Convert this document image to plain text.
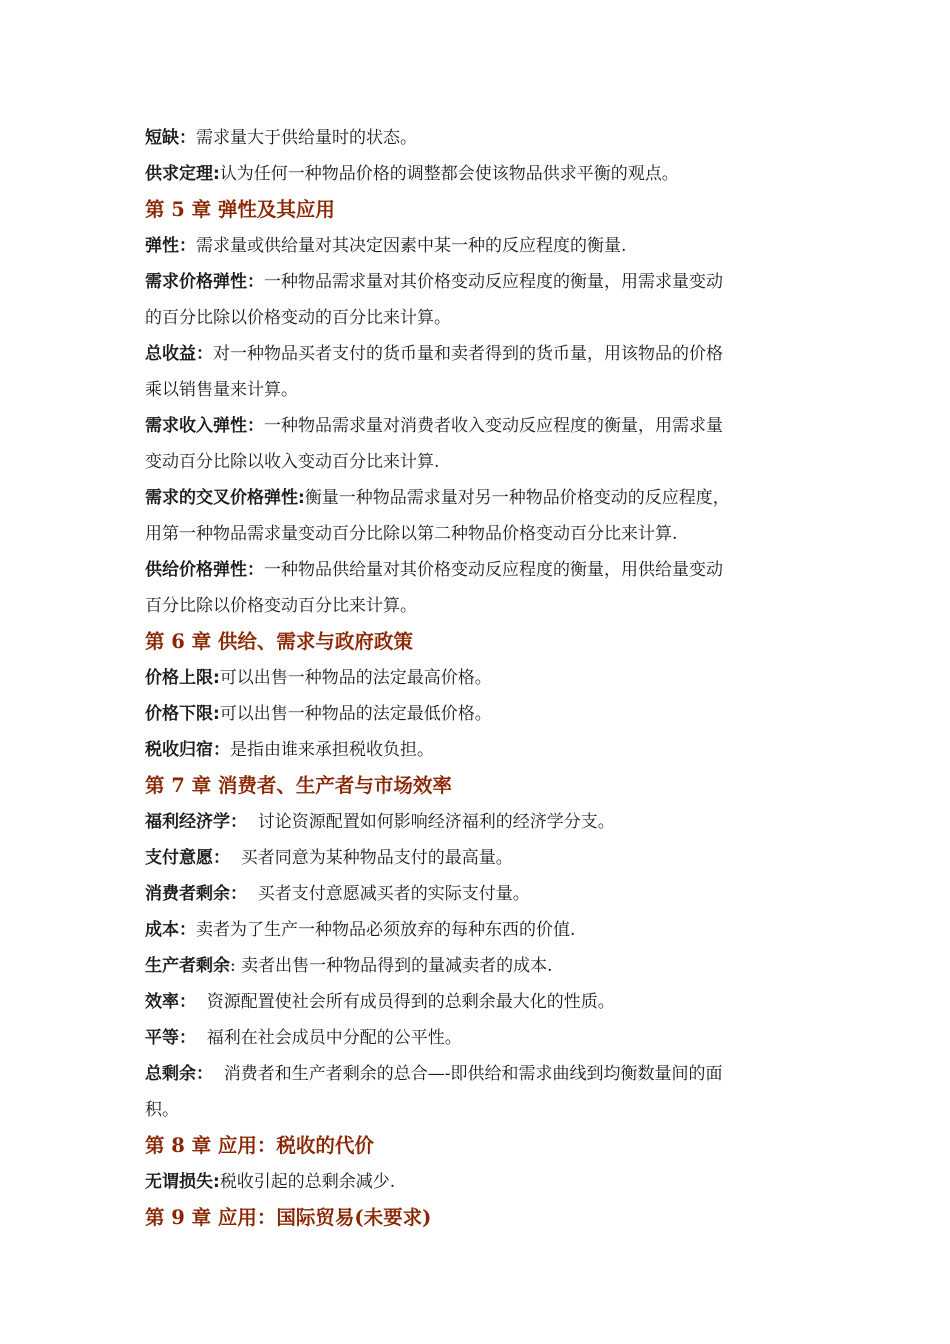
短缺：需求量大于供给量时的状态。
供求定理:认为任何一种物品价格的调整都会使该物品供求平衡的观点。
第 5 章 弹性及其应用
弹性：需求量或供给量对其决定因素中某一种的反应程度的衡量.
需求价格弹性：一种物品需求量对其价格变动反应程度的衡量，用需求量变动
的百分比除以价格变动的百分比来计算。
总收益：对一种物品买者支付的货币量和卖者得到的货币量，用该物品的价格
乘以销售量来计算。
需求收入弹性：一种物品需求量对消费者收入变动反应程度的衡量，用需求量
变动百分比除以收入变动百分比来计算.
需求的交叉价格弹性:衡量一种物品需求量对另一种物品价格变动的反应程度，
用第一种物品需求量变动百分比除以第二种物品价格变动百分比来计算.
供给价格弹性：一种物品供给量对其价格变动反应程度的衡量，用供给量变动
百分比除以价格变动百分比来计算。
第 6 章 供给、需求与政府政策
价格上限:可以出售一种物品的法定最高价格。
价格下限:可以出售一种物品的法定最低价格。
税收归宿：是指由谁来承担税收负担。
第 7 章 消费者、生产者与市场效率
福利经济学：  讨论资源配置如何影响经济福利的经济学分支。
支付意愿：  买者同意为某种物品支付的最高量。
消费者剩余：  买者支付意愿减买者的实际支付量。
成本：卖者为了生产一种物品必须放弃的每种东西的价值.
生产者剩余: 卖者出售一种物品得到的量减卖者的成本.
效率：  资源配置使社会所有成员得到的总剩余最大化的性质。
平等：  福利在社会成员中分配的公平性。
总剩余：  消费者和生产者剩余的总合—-即供给和需求曲线到均衡数量间的面
积。
第 8 章 应用：税收的代价
无谓损失:税收引起的总剩余减少.
第 9 章 应用：国际贸易(未要求)
